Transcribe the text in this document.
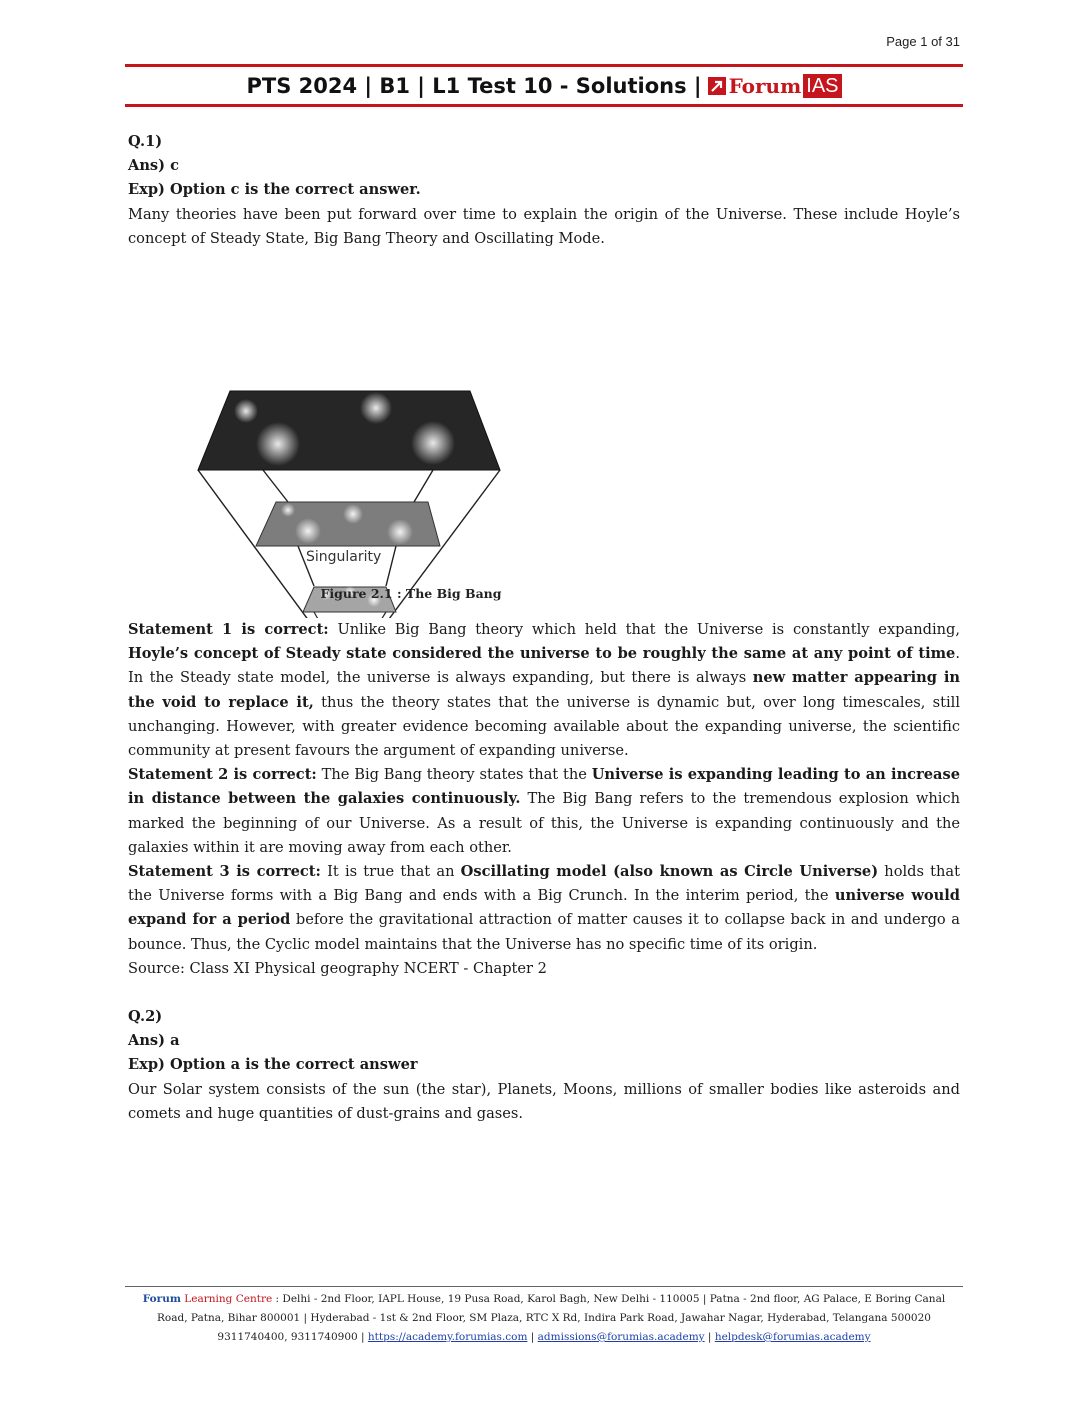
Page 1 of 31
PTS 2024 | B1 | L1 Test 10 - Solutions | Forum IAS

Q.1)

Ans) c

Exp) Option c is the correct answer.

Many theories have been put forward over time to explain the origin of the Universe. These include Hoyle’s concept of Steady State, Big Bang Theory and Oscillating Mode.

Singularity
Figure 2.1 : The Big Bang

Statement 1 is correct: Unlike Big Bang theory which held that the Universe is constantly expanding, Hoyle’s concept of Steady state considered the universe to be roughly the same at any point of time. In the Steady state model, the universe is always expanding, but there is always new matter appearing in the void to replace it, thus the theory states that the universe is dynamic but, over long timescales, still unchanging. However, with greater evidence becoming available about the expanding universe, the scientific community at present favours the argument of expanding universe.

Statement 2 is correct: The Big Bang theory states that the Universe is expanding leading to an increase in distance between the galaxies continuously. The Big Bang refers to the tremendous explosion which marked the beginning of our Universe. As a result of this, the Universe is expanding continuously and the galaxies within it are moving away from each other.

Statement 3 is correct: It is true that an Oscillating model (also known as Circle Universe) holds that the Universe forms with a Big Bang and ends with a Big Crunch. In the interim period, the universe would expand for a period before the gravitational attraction of matter causes it to collapse back in and undergo a bounce. Thus, the Cyclic model maintains that the Universe has no specific time of its origin.

Source: Class XI Physical geography NCERT - Chapter 2

Q.2)

Ans) a

Exp) Option a is the correct answer

Our Solar system consists of the sun (the star), Planets, Moons, millions of smaller bodies like asteroids and comets and huge quantities of dust-grains and gases.

Forum Learning Centre : Delhi - 2nd Floor, IAPL House, 19 Pusa Road, Karol Bagh, New Delhi - 110005 | Patna - 2nd floor, AG Palace, E Boring Canal
Road, Patna, Bihar 800001 | Hyderabad - 1st & 2nd Floor, SM Plaza, RTC X Rd, Indira Park Road, Jawahar Nagar, Hyderabad, Telangana 500020
9311740400, 9311740900 | https://academy.forumias.com | admissions@forumias.academy | helpdesk@forumias.academy
